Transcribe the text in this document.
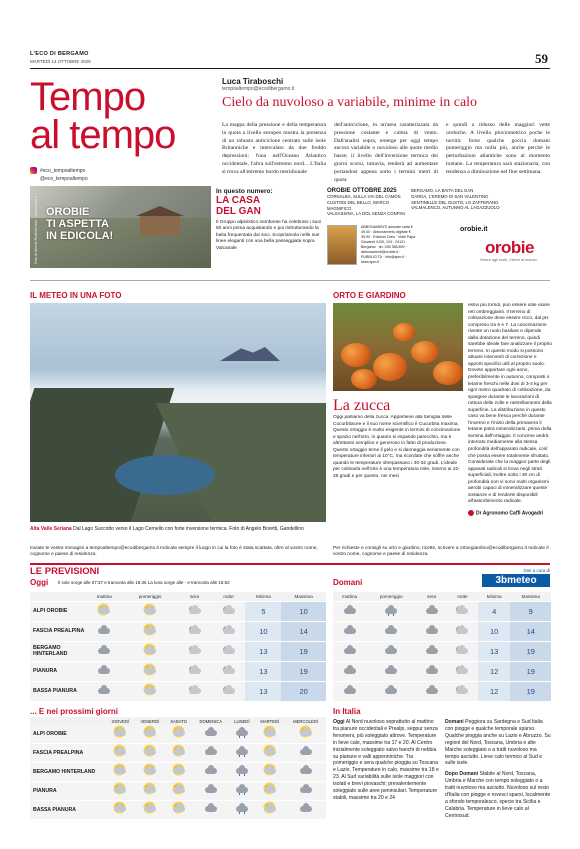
L'ECO DI BERGAMO
MARTEDÌ 14 OTTOBRE 2025	59
Tempo
al tempo
Luca Tiraboschi
tempoaltempo@ecodibergamo.it
Cielo da nuvoloso a variabile, minime in calo
La mappa della pressione e della temperatura in quota a livello europeo mostra la presenza di un robusto anticiclone centrato sulle isole Britanniche e intercalato da due freddo depressioni: l'una nell'Oceano Atlantico occidentale, l'altra sull'estremo nord... L'Italia si trova all'estremo bordo meridionale
dell'anticiclone, in un'area caratterizzata da pressione costante e calma di vento. Dall'analisi sopra, emerge per oggi tempo ancora variabile o nuvoloso alle quote medio basse; il livello dell'inversione termica dei giorni scorsi, tuttavia, tenderà ad aumentare portandosi appena sotto i termini metri di quota
e quindi a ridosso delle maggiori vette orobiche. A livello pluviometrico poche le novità: forse qualche goccia domani pomeriggio ma nulla più, anche perché le perturbazioni atlantiche sono al momento lontane. La temperatura sarà stazionaria, con tendenza a diminuzione nel fine settimana.
#eco_tempoaltempo
@eco_tempoaltempo
Foto di Alberto Riolfo/Orobie · www.orobie.it OROBIE
TI ASPETTA
IN EDICOLA!
In questo numero:
LA CASA
DEL GAN
Il Gruppo alpinistico nembrese ha celebrato i suoi 80 anni prima acquistando e poi ristrutturando la baita frequentata dai soci. Scopriamola nelle sue linee eleganti con una bella passeggiata sopra Valcanale
OROBIE OTTOBRE 2025
CORNALBA, SULLA VIA DEL CAMÒS
CUSTODI DEL BELLO, MARCO MAGNIFICO
VALSASSINA, LA DOL SENZA CONFINI
ABBONAMENTI annuale carta € 49,00 · Abbonamento digitale € 39,90 · Edizioni Orea · Viale Papa Giovanni XXIII, 124 · 24121 Bergamo · tel. 035 358.899 · abbonamenti@orobie.it · PUBBLICITÀ · info@spm.it · www.spm.it
BERGAMO, LA BAITA DEL GAN
GARDA, L'EREMO DI SAN VALENTINO
SENTINELLE DEL GUSTO, LO ZAFFERANO
VALMALENCO, AUTUNNO AL LAGAZZUOLO
orobie.it
orobie
Vivere agli orobi, Vivere al mondo.
IL METEO IN UNA FOTO
Alta Valle Seriana Dal Lago Succotto verso il Lago Cernello con forte inversione termica. Foto di Angelo Boretti, Gandellino
Inviate le vostre immagini a tempoaltempo@ecodibergamo.it Indicate sempre il luogo in cui la foto è stata scattata, oltre al vostro nome, cognome e paese di residenza.
ORTO E GIARDINO
La zucca
Oggi parliamo della zucca. Appartiene alla famiglia delle Cucurbitacee e il suo nome scientifico è Cucurbita maxima. Questo ortaggio è molto esigente in termini di concimazione e spazio nell'orto, in quanto si espande parecchio, ma è altrettanto semplice e generoso in fatto di produzione. Questo ortaggio teme il gelo e si danneggia seriamente con temperature inferiori ai 10°C, ma ricordate che soffre anche quando le temperature oltrepassano i 30-32 gradi. L'ideale per coltivarla nell'orto è una temperatura mite, intorno ai 22-26 gradi e per questo, nei mesi
estivi più torridi, può essere utile usare reti ombreggianti. Il terreno di coltivazione deve essere ricco, dal pH compreso tra 6 e 7. La concimazione riveste un ruolo basilare e dipende dalla dotazione del terreno, quindi sarebbe ideale fare analizzare il proprio terreno. In questo modo si possono attuare interventi di correzione e apporti specifici utili al proprio suolo. Dovete apportare ogni anno, preferibilmente in autunno, composti o letame freschi nelle dosi di 3-4 kg per ogni metro quadrato di coltivazione, da spargere durante le lavorazioni di rottura delle zolle e rastrellamento della superficie. La distribuzione in questo caso va bene fresca perché durante l'inverno e l'inizio della primavera il letame potrà mineralizzarsi, prima della semina dell'ortaggio. Il concime andrà interrato mediamente alla stessa profondità dell'apparato radicale, così che possa essere totalmente sfruttato. Considerate che la maggior parte degli apparati radicali si trova negli strati superficiali; inoltre sotto i 30 cm di profondità non vi sono molti organismi aerobi capaci di mineralizzare queste sostanze e di renderle disponibili all'assorbimento radicale.
Dr Agronomo Caffi Avogadri
Per richieste e consigli su orto e giardino, ricette, scrivere a ortoegiardino@ecodibergamo.it Indicate il vostro nome, cognome e paese di residenza.
LE PREVISIONI
Oggi Il sole sorge alle 07:37 e tramonta alle 18:36 La luna sorge alle - e tramonta alle 15:52	Domani
Dati a cura di
3bmeteo
	mattina	pomeriggio	sera	notte	Minima	Massima
ALPI OROBIE					5	10
FASCIA PREALPINA					10	14
BERGAMO HINTERLAND					13	19
PIANURA					13	19
BASSA PIANURA					13	20
mattina	pomeriggio	sera	notte	Minima	Massima

	4	9

	10	14

	13	19

	12	19

	12	19
... E nei prossimi giorni
	GIOVEDÌ	VENERDÌ	SABATO	DOMENICA	LUNEDÌ	MARTEDÌ	MERCOLEDÌ
ALPI OROBIE	

FASCIA PREALPINA	

BERGAMO HINTERLAND	

PIANURA	

BASSA PIANURA	

In Italia
Oggi Al Nord nuvoloso soprattutto al mattino tra pianure occidentali e Prealpi, seppur senza fenomeni, più soleggiato altrove. Temperature in lieve calo, massime tra 17 e 20. Al Centro inizialmente soleggiato salvo banchi di nebbia su pianure e valli appenniniche. Tra pomeriggio e sera qualche pioggia su Toscana e Lazio. Temperature in calo, massime tra 18 e 23. Al Sud variabilità sulle isole maggiori con isolati e brevi piovaschi; prevalentemente soleggiato sulle aree peninsulari. Temperature stabili, massime tra 20 e 24
Domani Peggiora su Sardegna e Sud Italia con piogge e qualche temporale sparso. Qualche pioggia anche su Lazio e Abruzzo. Su regioni del Nord, Toscana, Umbria e alte Marche soleggiato o a tratti nuvoloso ma tempo asciutto. Lieve calo termico al Sud e sulle isole.
Dopo Domani Stabile al Nord, Toscana, Umbria e Marche con tempo soleggiato o a tratti nuvoloso ma asciutto. Nuvoloso sul resto d'Italia con piogge e rovesci sparsi, localmente a sfondo temporalesco, specie tra Sicilia e Calabria. Temperature in lieve calo al Centrosud.
